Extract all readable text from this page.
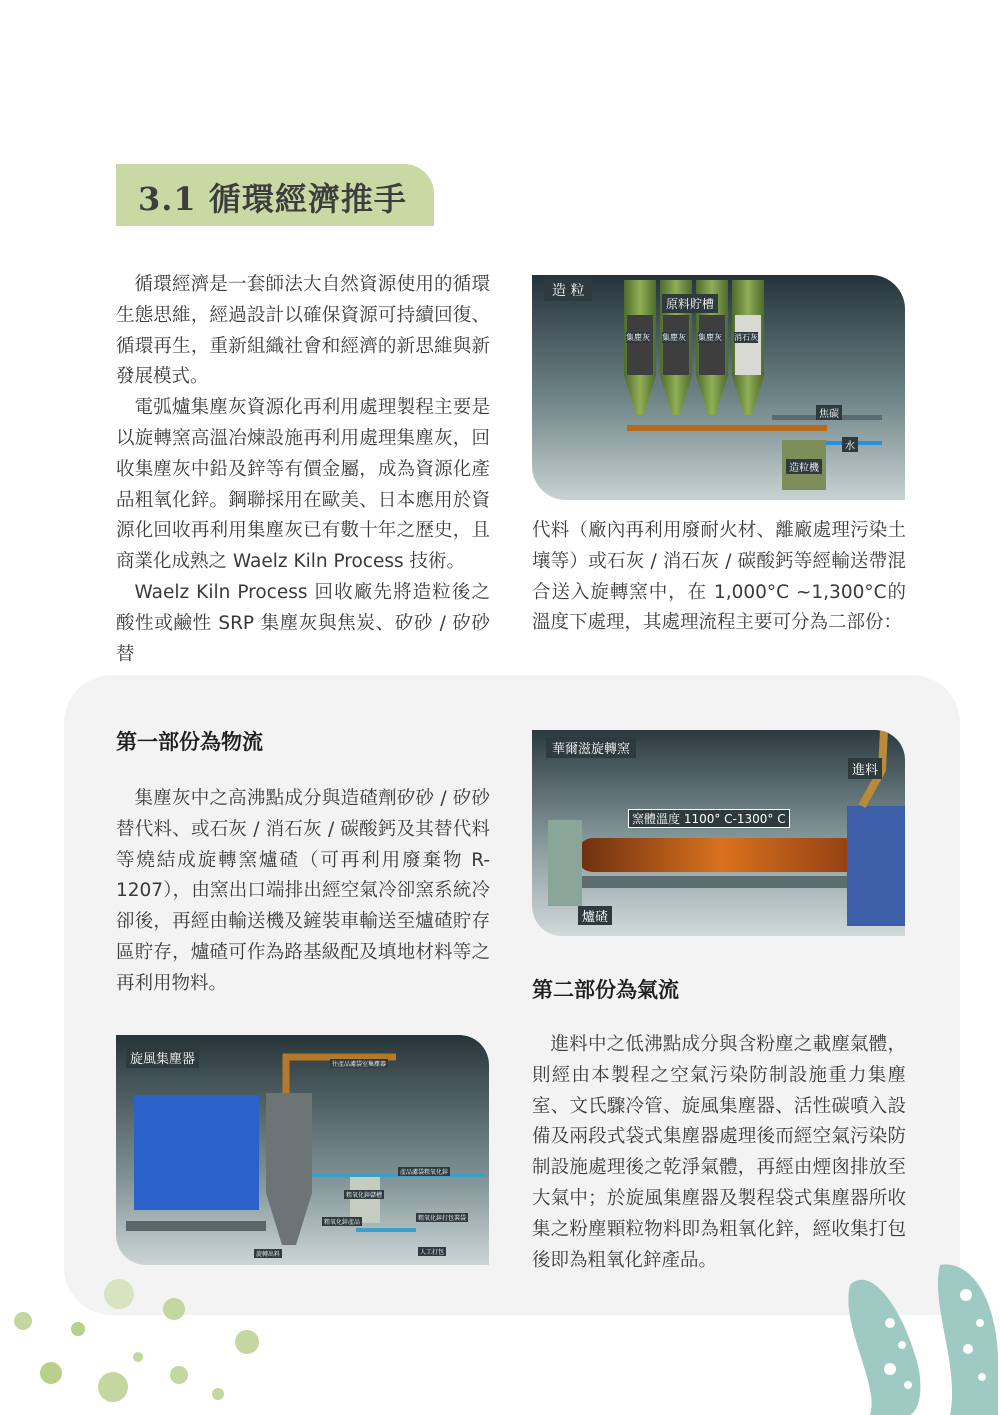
3.1 循環經濟推手

循環經濟是一套師法大自然資源使用的循環生態思維，經過設計以確保資源可持續回復、循環再生，重新組織社會和經濟的新思維與新發展模式。

電弧爐集塵灰資源化再利用處理製程主要是以旋轉窯高溫冶煉設施再利用處理集塵灰，回收集塵灰中鉛及鋅等有價金屬，成為資源化產品粗氧化鋅。鋼聯採用在歐美、日本應用於資源化回收再利用集塵灰已有數十年之歷史，且商業化成熟之 Waelz Kiln Process 技術。

Waelz Kiln Process 回收廠先將造粒後之酸性或鹼性 SRP 集塵灰與焦炭、矽砂 / 矽砂替

造 粒
原料貯槽
集塵灰 集塵灰 集塵灰 消石灰
焦碳
水
造粒機

代料（廠內再利用廢耐火材、離廠處理污染土壤等）或石灰 / 消石灰 / 碳酸鈣等經輸送帶混合送入旋轉窯中，在 1,000°C ~1,300°C的溫度下處理，其處理流程主要可分為二部份：

第一部份為物流

集塵灰中之高沸點成分與造碴劑矽砂 / 矽砂替代料、或石灰 / 消石灰 / 碳酸鈣及其替代料等燒結成旋轉窯爐碴（可再利用廢棄物 R-1207），由窯出口端排出經空氣冷卻窯系統冷卻後，再經由輸送機及鏟裝車輸送至爐碴貯存區貯存，爐碴可作為路基級配及填地材料等之再利用物料。

華爾滋旋轉窯
進料
窯體溫度 1100° C-1300° C
爐碴
第二部份為氣流

進料中之低沸點成分與含粉塵之載塵氣體，則經由本製程之空氣污染防制設施重力集塵室、文氏驟冷管、旋風集塵器、活性碳噴入設備及兩段式袋式集塵器處理後而經空氣污染防制設施處理後之乾淨氣體，再經由煙囪排放至大氣中；於旋風集塵器及製程袋式集塵器所收集之粉塵顆粒物料即為粗氧化鋅，經收集打包後即為粗氧化鋅產品。

旋風集塵器	往產品濾袋室集塵器
產品濾袋粗氧化鋅
粗氧化鋅儲槽
粗氧化鋅產品
粗氧化鋅打包裝袋
旋轉出料	人工打包
